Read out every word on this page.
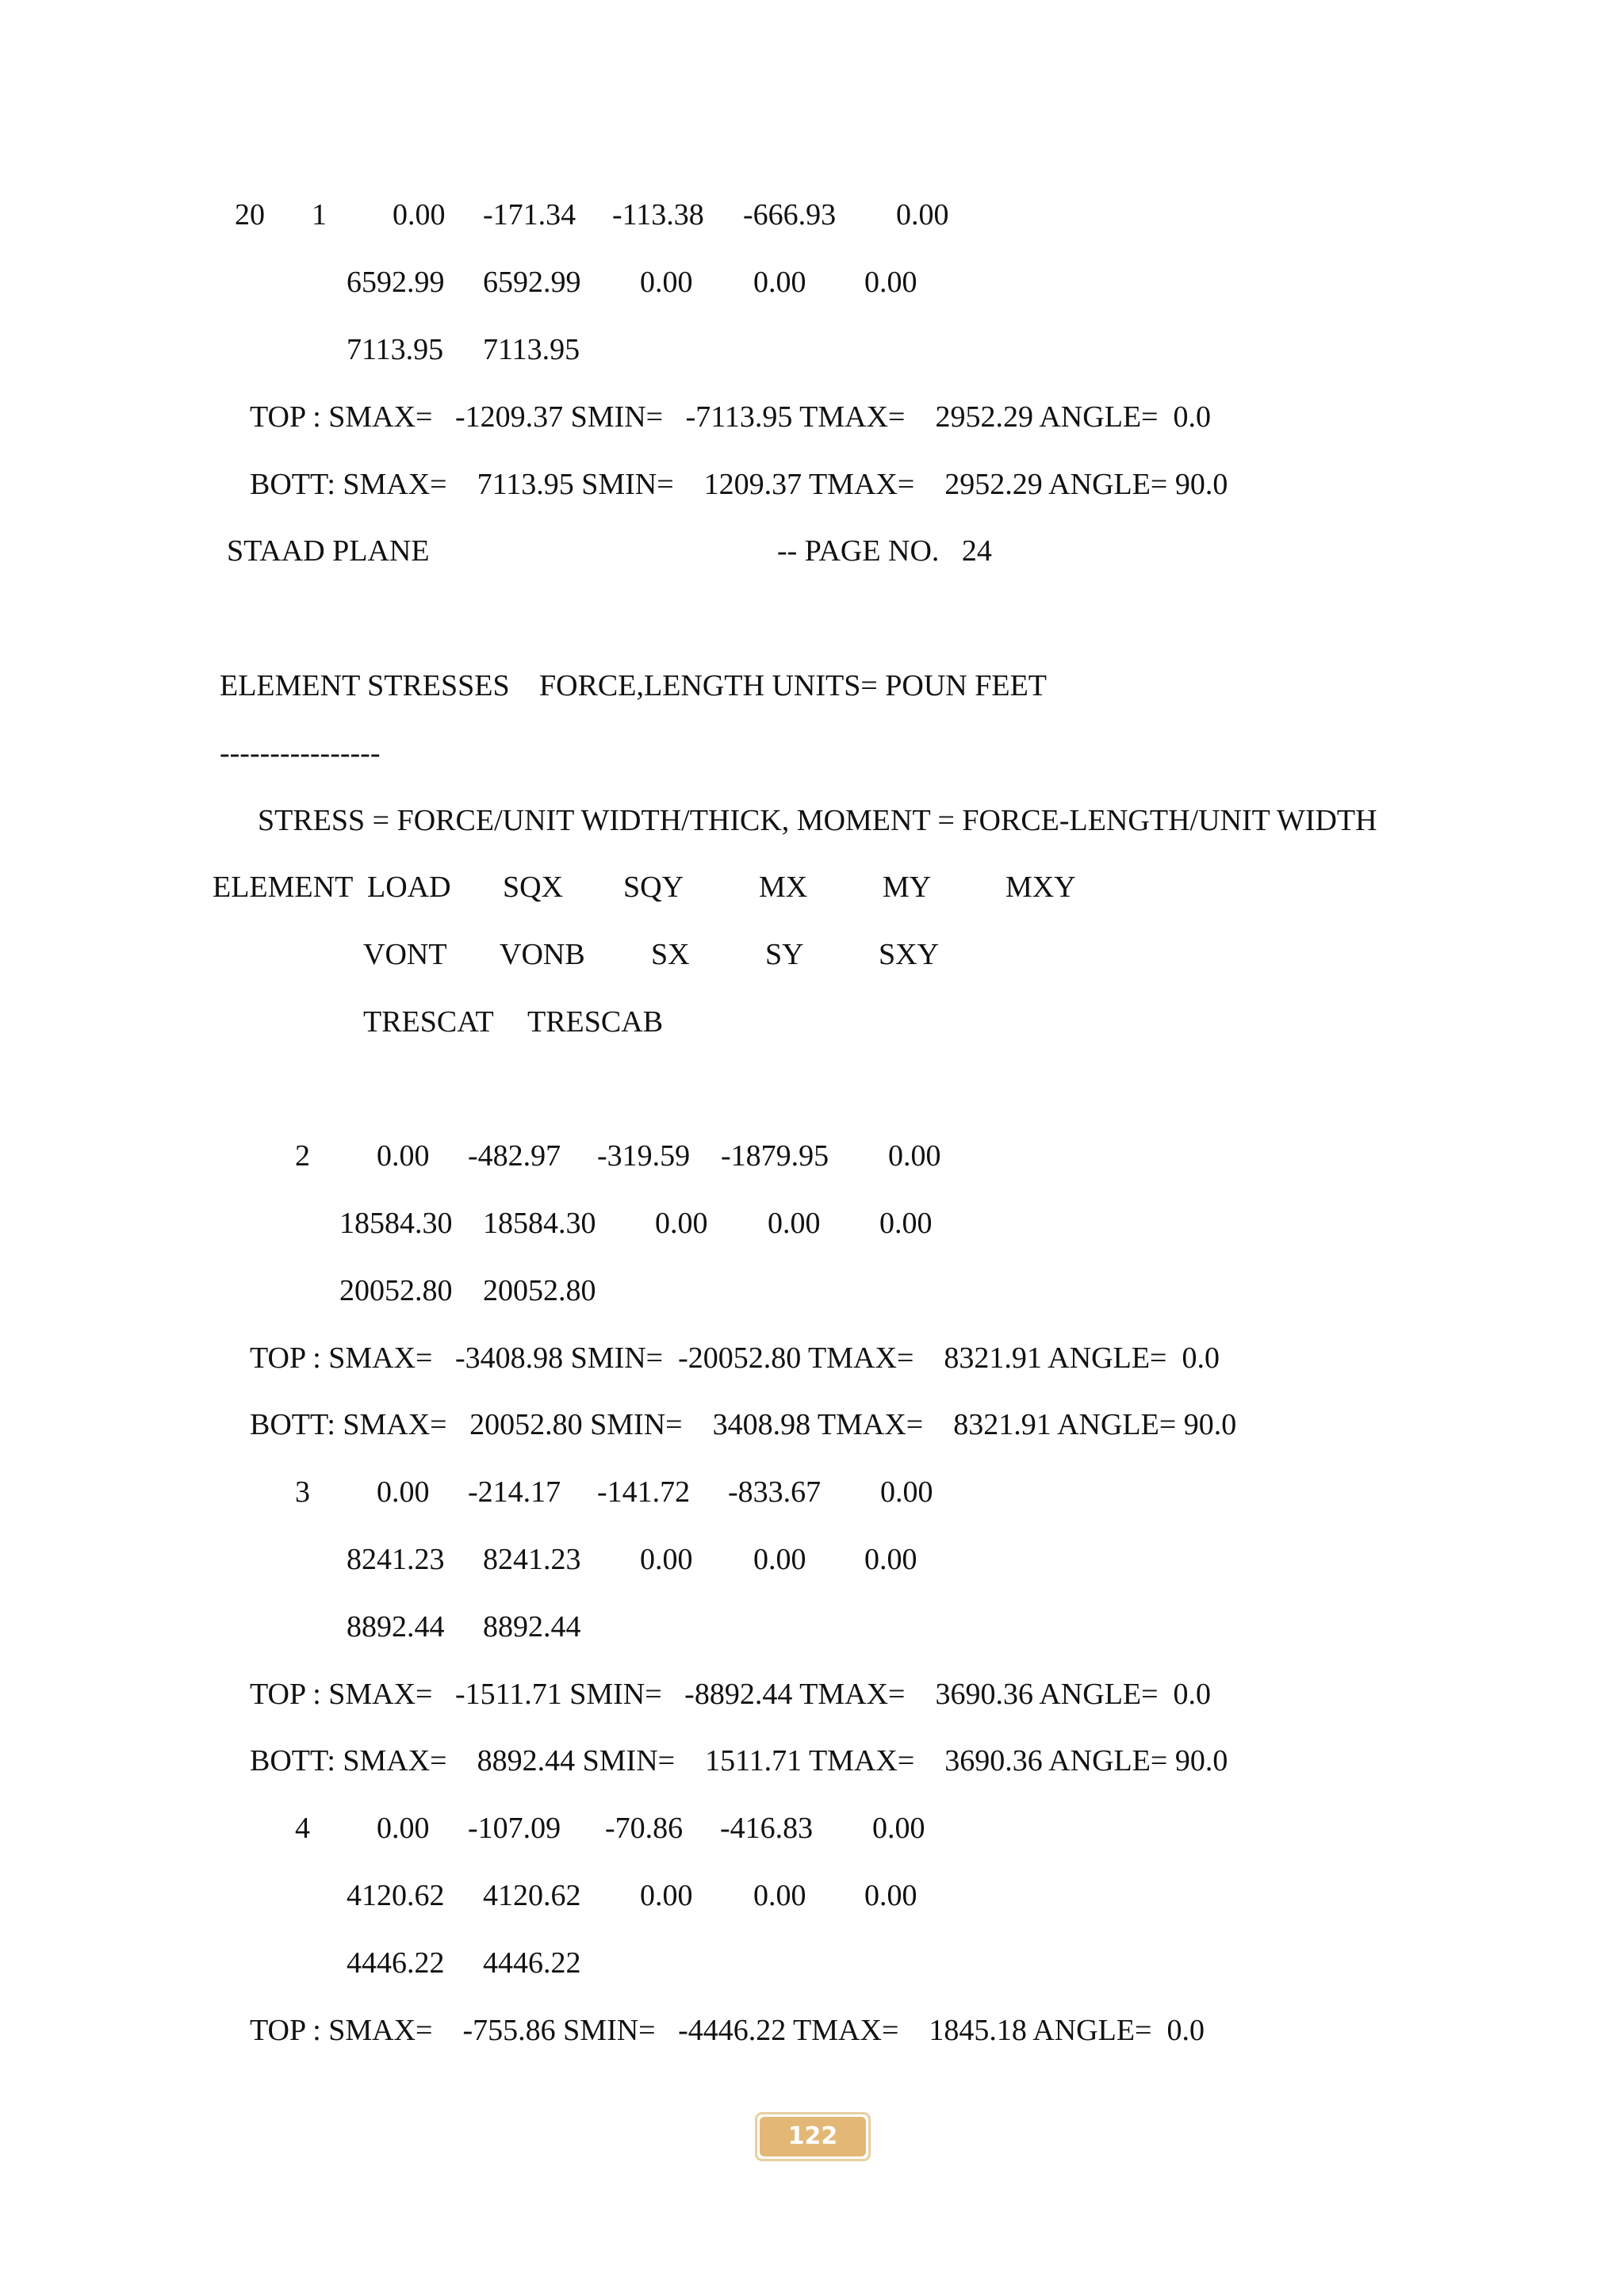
20 1 0.00 -171.34 -113.38 -666.93 0.00
6592.99 6592.99 0.00 0.00 0.00
7113.95 7113.95
TOP : SMAX=   -1209.37 SMIN=   -7113.95 TMAX=    2952.29 ANGLE=  0.0
BOTT: SMAX=    7113.95 SMIN=    1209.37 TMAX=    2952.29 ANGLE= 90.0
STAAD PLANE	-- PAGE NO.   24
ELEMENT STRESSES FORCE,LENGTH UNITS= POUN FEET
----------------
STRESS = FORCE/UNIT WIDTH/THICK, MOMENT = FORCE-LENGTH/UNIT WIDTH
ELEMENT LOAD SQX SQY MX MY MXY
VONT VONB SX	SY SXY
TRESCAT TRESCAB
2 0.00 -482.97 -319.59 -1879.95 0.00
18584.30 18584.30 0.00 0.00 0.00
20052.80 20052.80
TOP : SMAX=   -3408.98 SMIN=  -20052.80 TMAX=    8321.91 ANGLE=  0.0
BOTT: SMAX=   20052.80 SMIN=    3408.98 TMAX=    8321.91 ANGLE= 90.0
3 0.00 -214.17 -141.72 -833.67 0.00
8241.23 8241.23 0.00 0.00 0.00
8892.44 8892.44
TOP : SMAX=   -1511.71 SMIN=   -8892.44 TMAX=    3690.36 ANGLE=  0.0
BOTT: SMAX=    8892.44 SMIN=    1511.71 TMAX=    3690.36 ANGLE= 90.0
4 0.00 -107.09 -70.86 -416.83 0.00
4120.62 4120.62 0.00 0.00 0.00
4446.22 4446.22
TOP : SMAX=    -755.86 SMIN=   -4446.22 TMAX=    1845.18 ANGLE=  0.0
122
